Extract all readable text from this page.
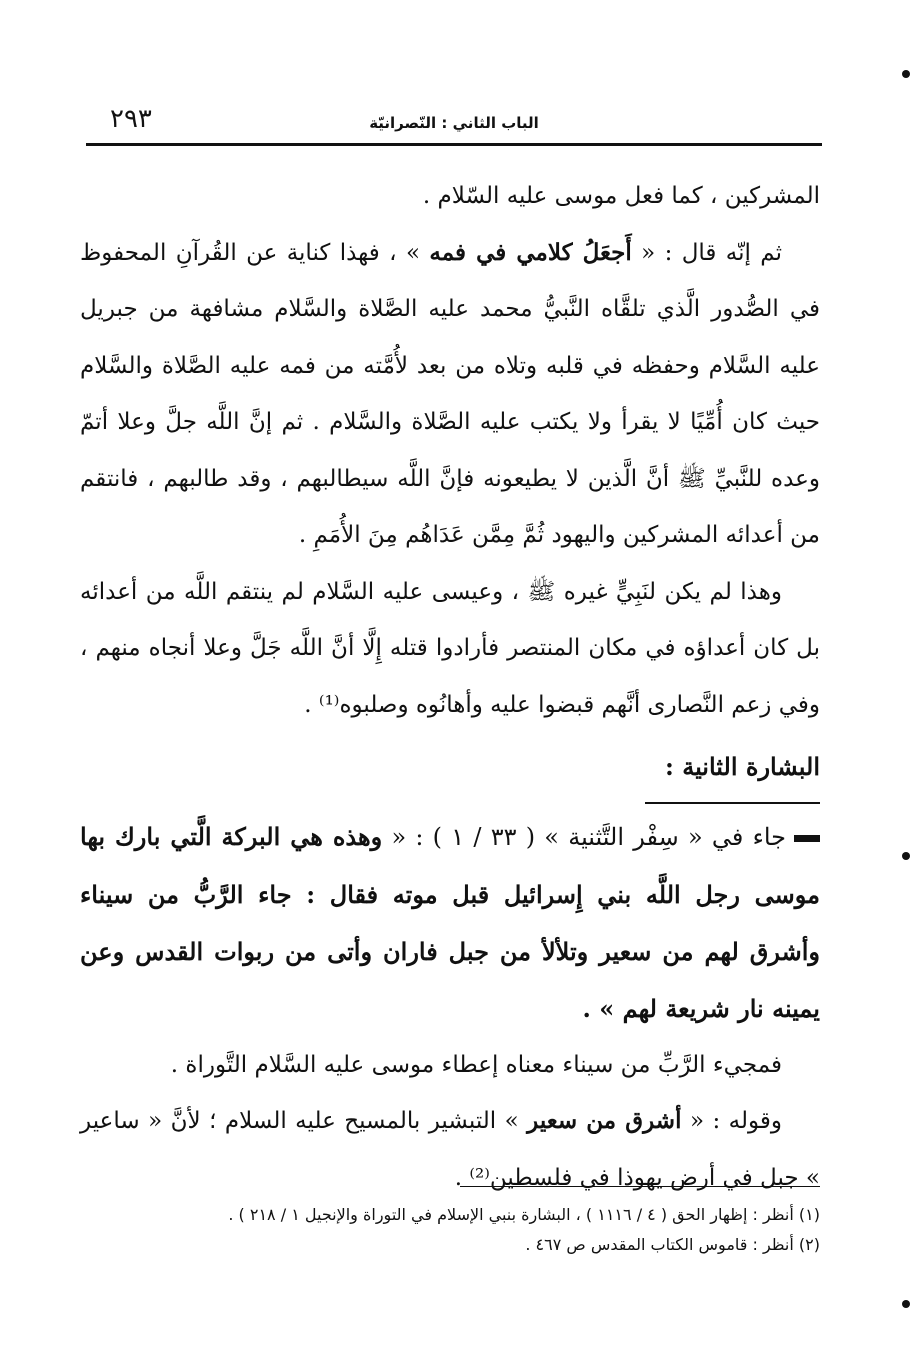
الباب الثاني : النّصرانيّة
٢٩٣

المشركين ، كما فعل موسى عليه السّلام .

ثم إنّه قال : « أَجعَلُ كلامي في فمه » ، فهذا كناية عن القُرآنِ المحفوظ في الصُّدور الَّذي تلقَّاه النَّبيُّ محمد عليه الصَّلاة والسَّلام مشافهة من جبريل عليه السَّلام وحفظه في قلبه وتلاه من بعد لأُمَّته من فمه عليه الصَّلاة والسَّلام حيث كان أُمِّيًا لا يقرأ ولا يكتب عليه الصَّلاة والسَّلام . ثم إنَّ اللَّه جلَّ وعلا أتمّ وعده للنَّبيِّ ﷺ أنَّ الَّذين لا يطيعونه فإنَّ اللَّه سيطالبهم ، وقد طالبهم ، فانتقم من أعدائه المشركين واليهود ثُمَّ مِمَّن عَدَاهُم مِنَ الأُمَمِ .

وهذا لم يكن لنَبِيٍّ غيره ﷺ ، وعيسى عليه السَّلام لم ينتقم اللَّه من أعدائه بل كان أعداؤه في مكان المنتصر فأرادوا قتله إِلَّا أنَّ اللَّه جَلَّ وعلا أنجاه منهم ، وفي زعم النَّصارى أنَّهم قبضوا عليه وأهانُوه وصلبوه⁽¹⁾ .

البشارة الثانية :

جاء في « سِفْر التَّثنية » ( ٣٣ / ١ ) : « وهذه هي البركة الَّتي بارك بها موسى رجل اللَّه بني إِسرائيل قبل موته فقال : جاء الرَّبُّ من سيناء وأشرق لهم من سعير وتلألأ من جبل فاران وأتى من ربوات القدس وعن يمينه نار شريعة لهم » .

فمجيء الرَّبِّ من سيناء معناه إعطاء موسى عليه السَّلام التَّوراة .

وقوله : « أشرق من سعير » التبشير بالمسيح عليه السلام ؛ لأنَّ « ساعير » جبل في أرض يهوذا في فلسطين⁽²⁾ .

(١) أنظر : إظهار الحق ( ٤ / ١١١٦ ) ، البشارة بنبي الإسلام في التوراة والإنجيل ١ / ٢١٨ ) .

(٢) أنظر : قاموس الكتاب المقدس ص ٤٦٧ .
